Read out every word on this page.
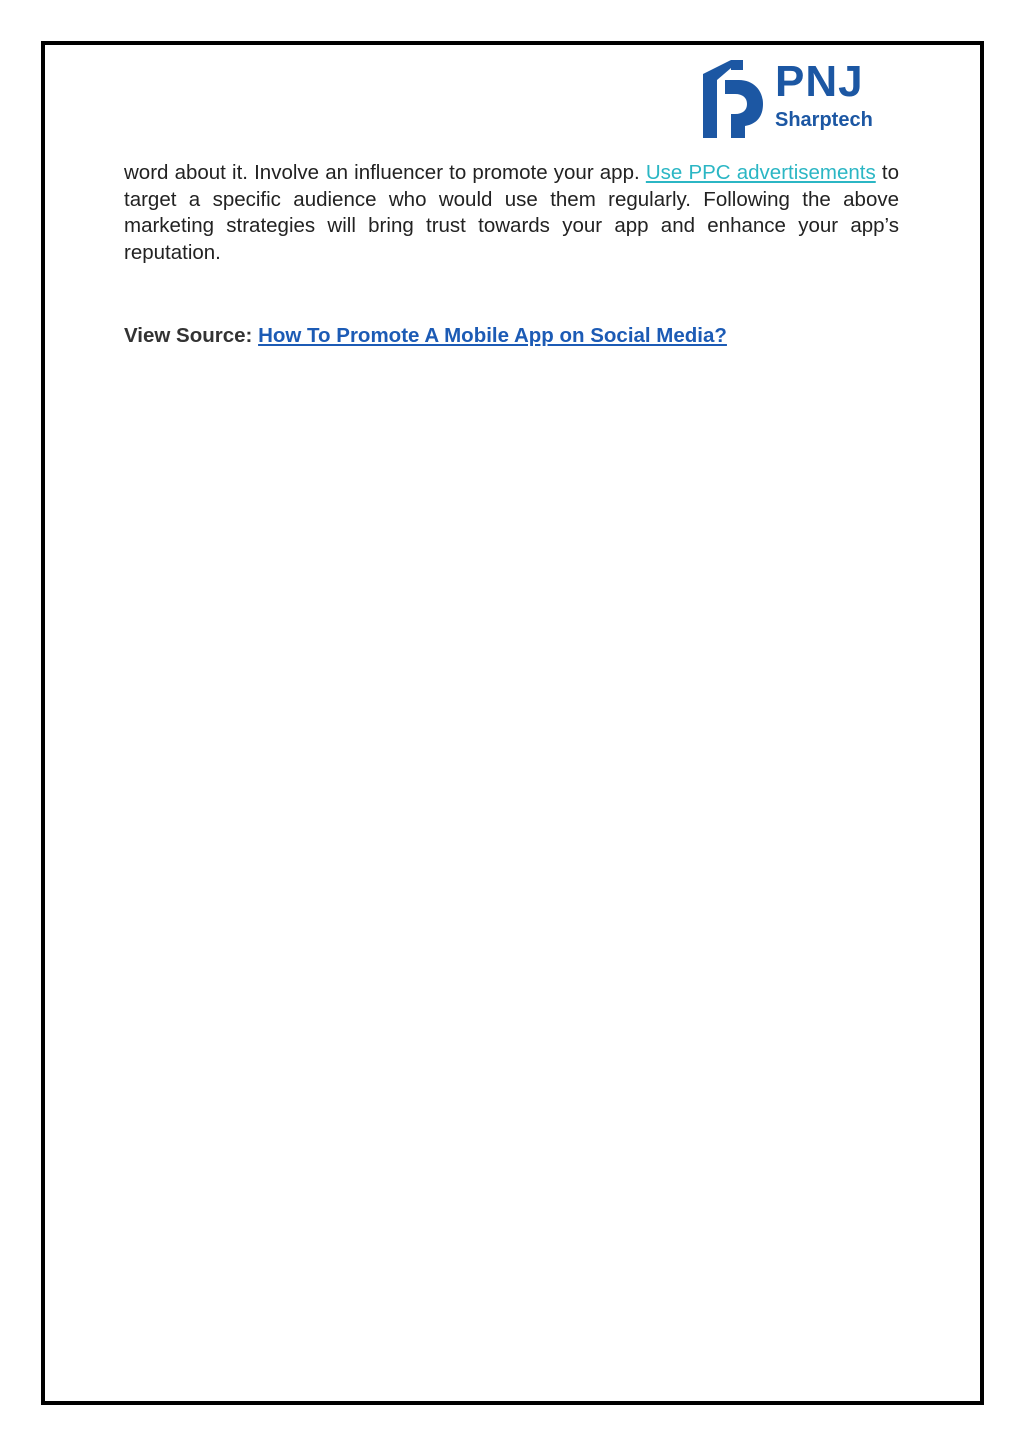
PNJ
Sharptech

word about it. Involve an influencer to promote your app. Use PPC advertisements to target a specific audience who would use them regularly. Following the above marketing strategies will bring trust towards your app and enhance your app’s reputation.

View Source: How To Promote A Mobile App on Social Media?
